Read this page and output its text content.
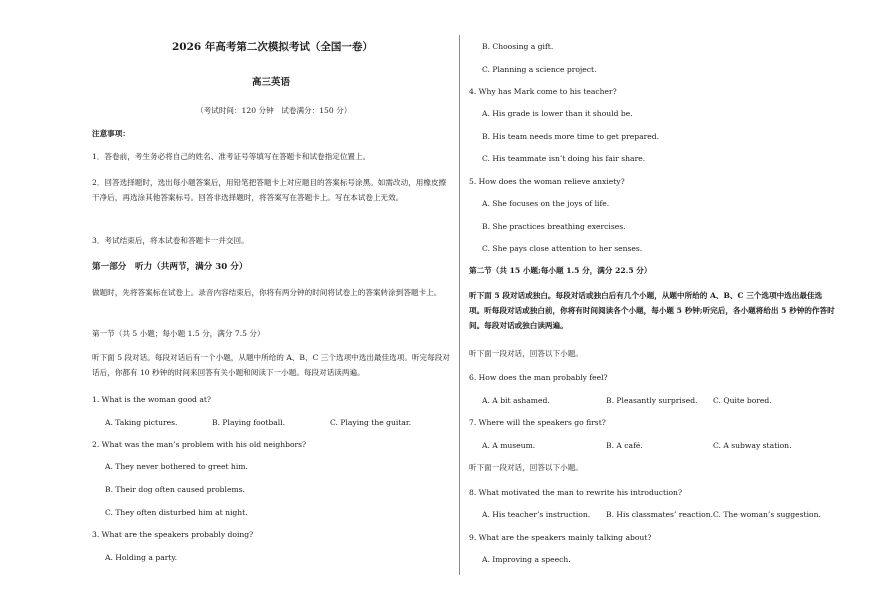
2026 年高考第二次模拟考试（全国一卷）
高三英语
（考试时间：120 分钟　试卷满分：150 分）
注意事项：
1．答卷前，考生务必将自己的姓名、准考证号等填写在答题卡和试卷指定位置上。
2．回答选择题时，选出每小题答案后，用铅笔把答题卡上对应题目的答案标号涂黑。如需改动，用橡皮擦干净后，再选涂其他答案标号。回答非选择题时，将答案写在答题卡上。写在本试卷上无效。
3．考试结束后，将本试卷和答题卡一并交回。
第一部分　听力（共两节，满分 30 分）
做题时，先将答案标在试卷上。录音内容结束后，你将有两分钟的时间将试卷上的答案转涂到答题卡上。
第一节（共 5 小题；每小题 1.5 分，满分 7.5 分）
听下面 5 段对话。每段对话后有一个小题，从题中所给的 A、B、C 三个选项中选出最佳选项。听完每段对话后，你都有 10 秒钟的时间来回答有关小题和阅读下一小题。每段对话读两遍。
1. What is the woman good at?
A. Taking pictures.	B. Playing football.	C. Playing the guitar.
2. What was the man’s problem with his old neighbors?
A. They never bothered to greet him.
B. Their dog often caused problems.
C. They often disturbed him at night.
3. What are the speakers probably doing?
A. Holding a party.
B. Choosing a gift.
C. Planning a science project.
4. Why has Mark come to his teacher?
A. His grade is lower than it should be.
B. His team needs more time to get prepared.
C. His teammate isn’t doing his fair share.
5. How does the woman relieve anxiety?
A. She focuses on the joys of life.
B. She practices breathing exercises.
C. She pays close attention to her senses.
第二节（共 15 小题;每小题 1.5 分，满分 22.5 分）
听下面 5 段对话或独白。每段对话或独白后有几个小题，从题中所给的 A、B、C 三个选项中选出最佳选项。听每段对话或独白前，你将有时间阅读各个小题，每小题 5 秒钟;听完后，各小题将给出 5 秒钟的作答时间。每段对话或独白读两遍。
听下面一段对话，回答以下小题。
6. How does the man probably feel?
A. A bit ashamed.	B. Pleasantly surprised. C. Quite bored.
7. Where will the speakers go first?
A. A museum.	B. A café.	C. A subway station.
听下面一段对话，回答以下小题。
8. What motivated the man to rewrite his introduction?
A. His teacher’s instruction. B. His classmates’ reaction. C. The woman’s suggestion.
9. What are the speakers mainly talking about?
A. Improving a speech.
